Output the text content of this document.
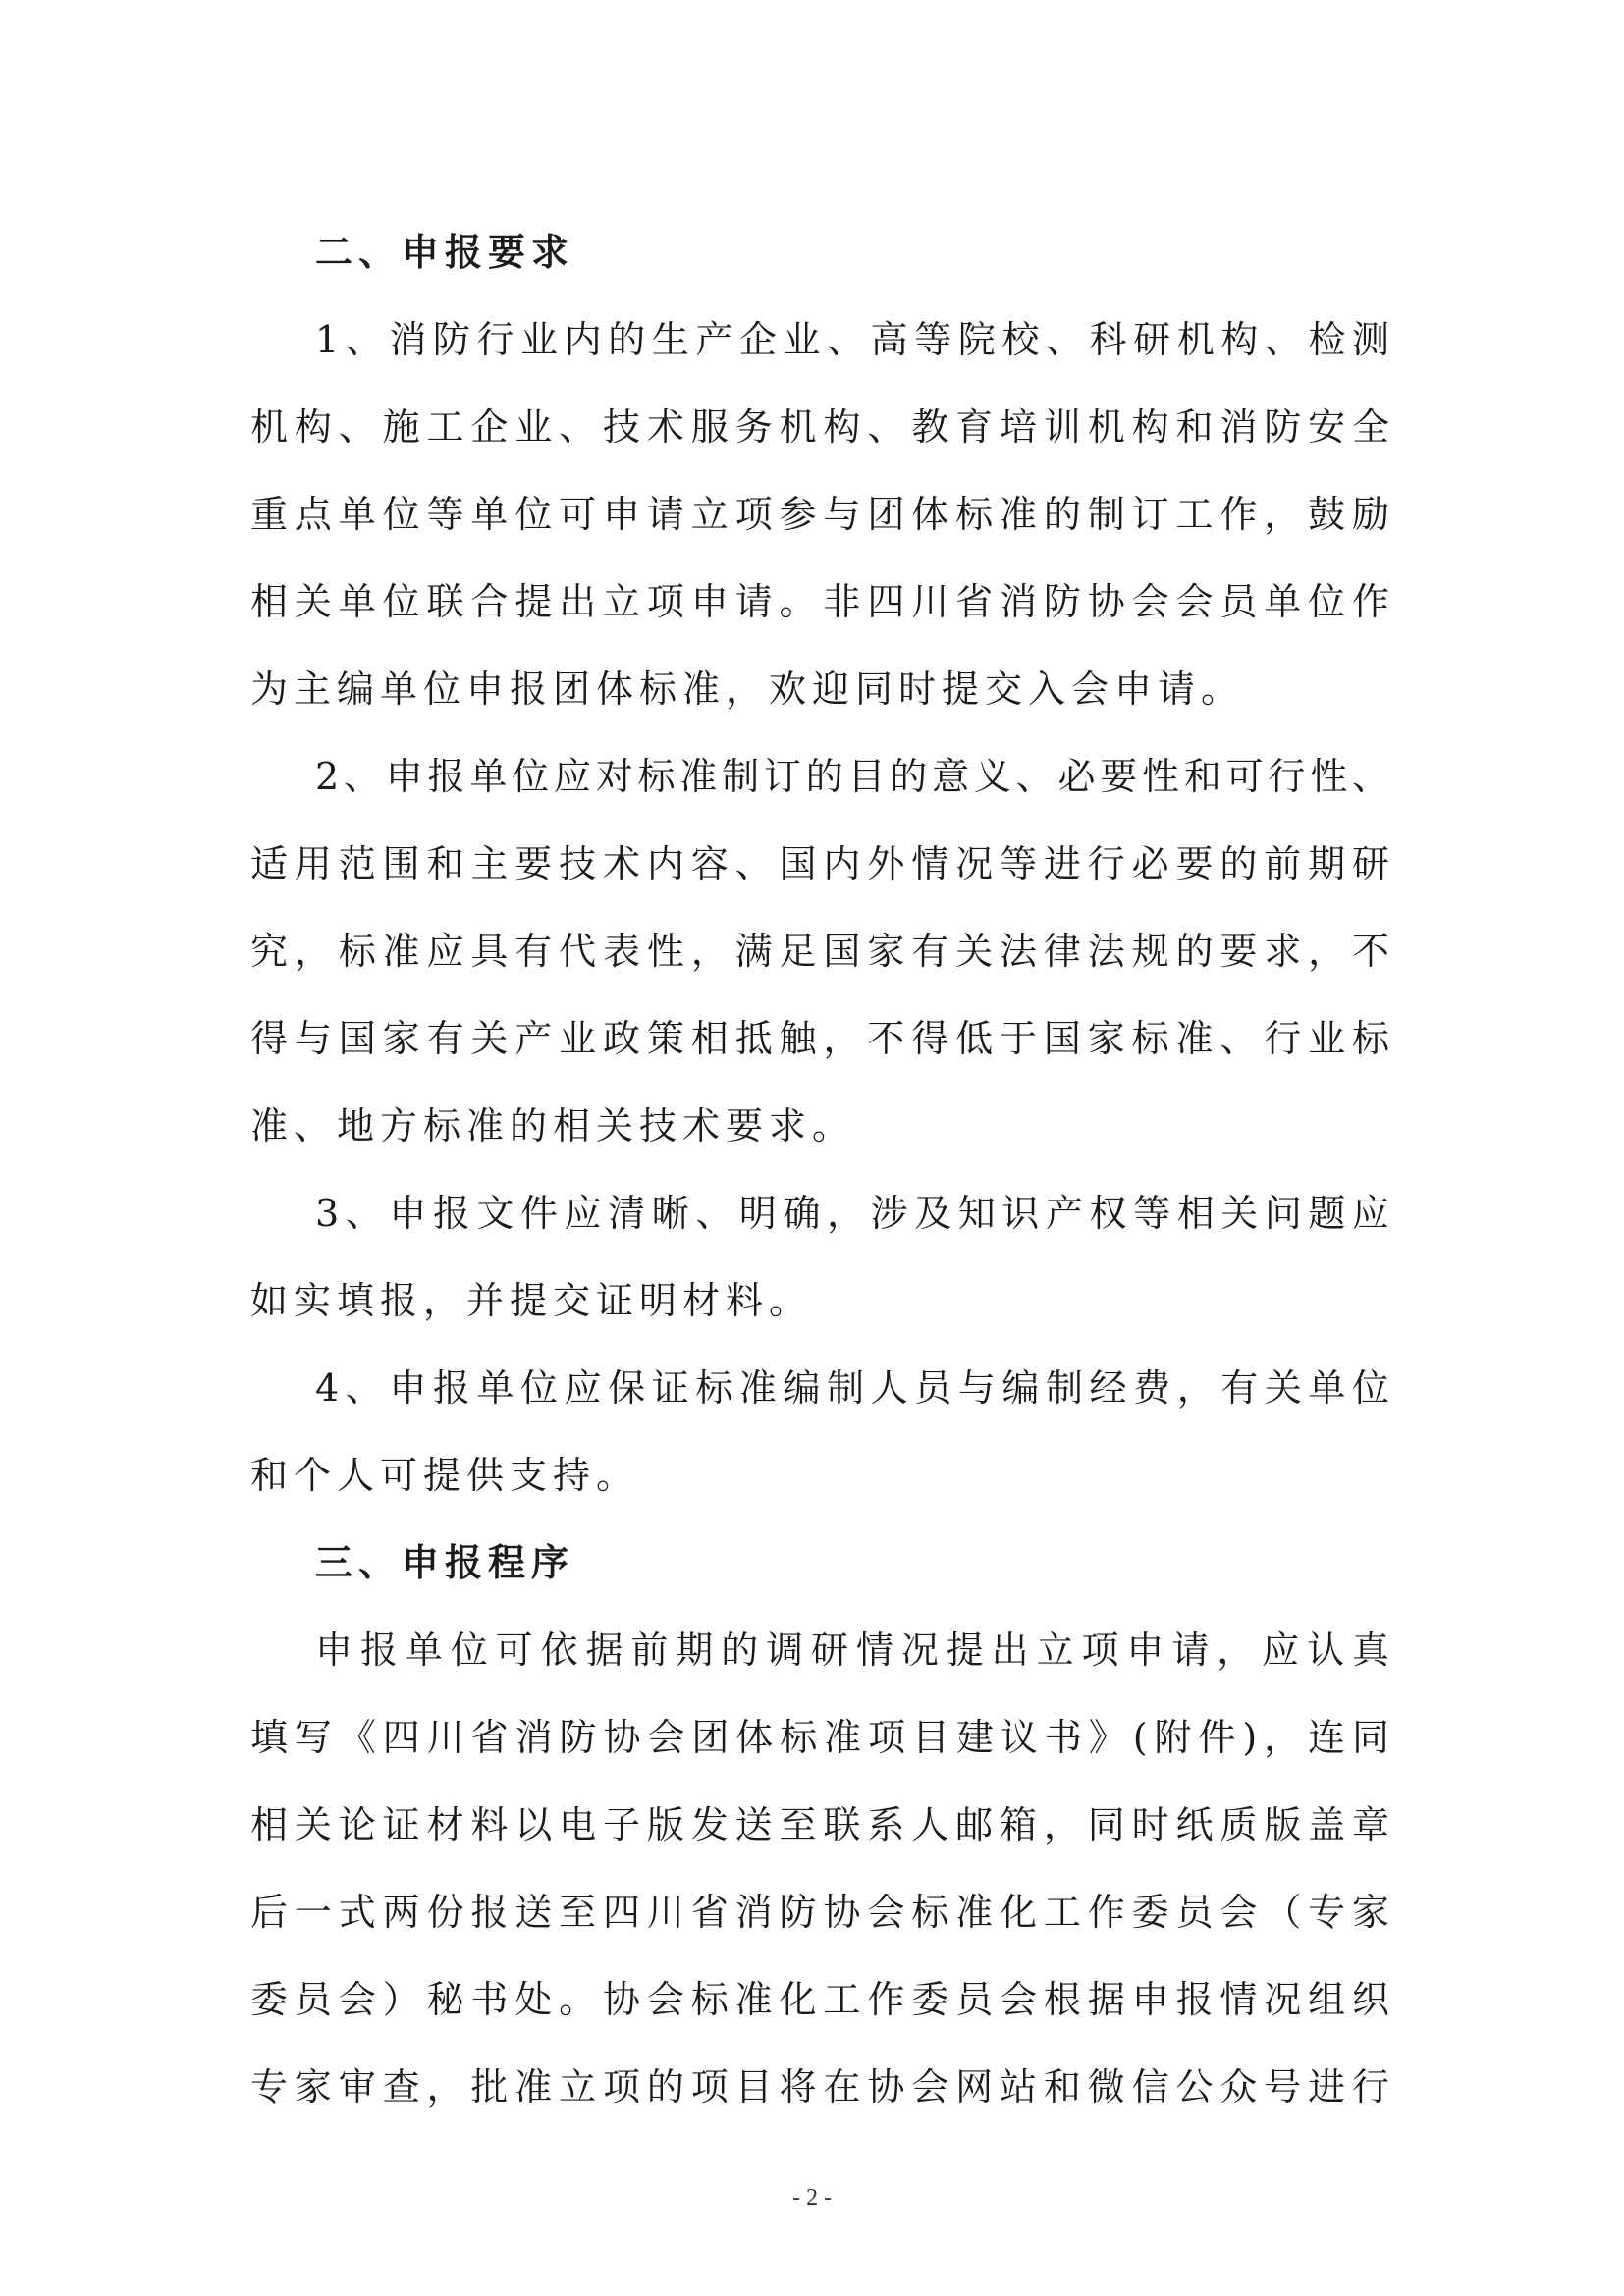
二、申报要求

1、消防行业内的生产企业、高等院校、科研机构、检测
机构、施工企业、技术服务机构、教育培训机构和消防安全
重点单位等单位可申请立项参与团体标准的制订工作，鼓励
相关单位联合提出立项申请。非四川省消防协会会员单位作
为主编单位申报团体标准，欢迎同时提交入会申请。

2、申报单位应对标准制订的目的意义、必要性和可行性、
适用范围和主要技术内容、国内外情况等进行必要的前期研
究，标准应具有代表性，满足国家有关法律法规的要求，不
得与国家有关产业政策相抵触，不得低于国家标准、行业标
准、地方标准的相关技术要求。

3、申报文件应清晰、明确，涉及知识产权等相关问题应
如实填报，并提交证明材料。

4、申报单位应保证标准编制人员与编制经费，有关单位
和个人可提供支持。

三、申报程序

申报单位可依据前期的调研情况提出立项申请，应认真
填写《四川省消防协会团体标准项目建议书》(附件)，连同
相关论证材料以电子版发送至联系人邮箱，同时纸质版盖章
后一式两份报送至四川省消防协会标准化工作委员会（专家
委员会）秘书处。协会标准化工作委员会根据申报情况组织
专家审查，批准立项的项目将在协会网站和微信公众号进行

- 2 -
